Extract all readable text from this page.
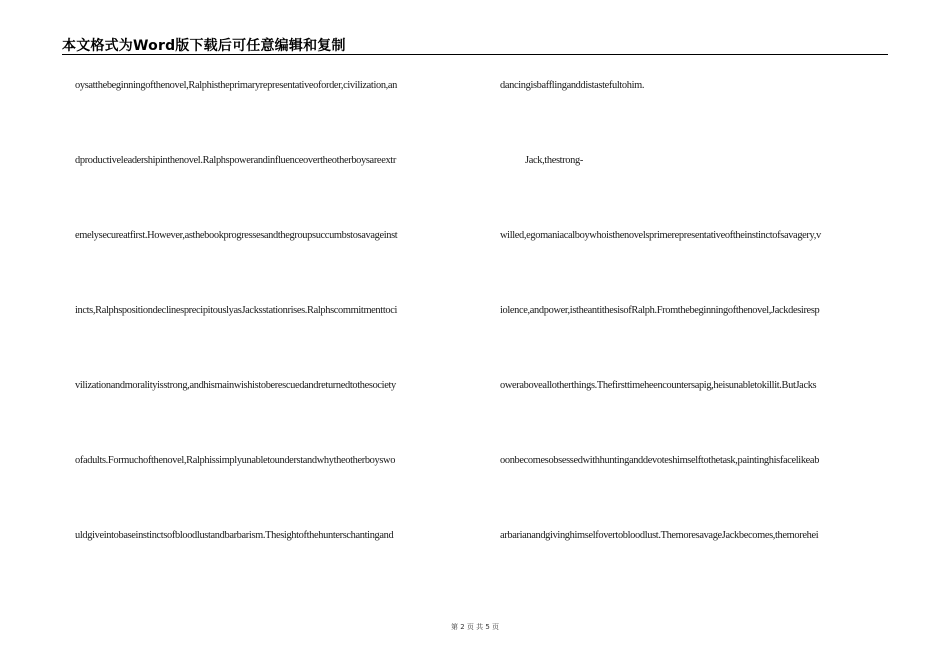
本文格式为Word版下载后可任意编辑和复制
oysatthebeginningofthenovel,Ralphistheprimaryrepresentativeoforder,civilization,an
dproductiveleadershipinthenovel.Ralphspowerandinfluenceovertheotherboysareextr
emelysecureatfirst.However,asthebookprogressesandthegroupsuccumbstosavageinst
incts,RalphspositiondeclinesprecipitouslyasJacksstationrises.Ralphscommitmenttoci
vilizationandmoralityisstrong,andhismainwishistoberescuedandreturnedtothesociety
ofadults.Formuchofthenovel,Ralphissimplyunabletounderstandwhytheotherboyswo
uldgiveintobaseinstinctsofbloodlustandbarbarism.Thesightofthehunterschantingand
dancingisbafflinganddistastefultohim.
Jack,thestrong-
willed,egomaniacalboywhoisthenovelsprimerepresentativeoftheinstinctofsavagery,v
iolence,andpower,istheantithesisofRalph.Fromthebeginningofthenovel,Jackdesiresp
oweraboveallotherthings.Thefirsttimeheencountersapig,heisunabletokillit.ButJacks
oonbecomesobsessedwithhuntinganddevoteshimselftothetask,paintinghisfacelikeab
arbarianandgivinghimselfovertobloodlust.ThemoresavageJackbecomes,themorehei
第 2 页 共 5 页
